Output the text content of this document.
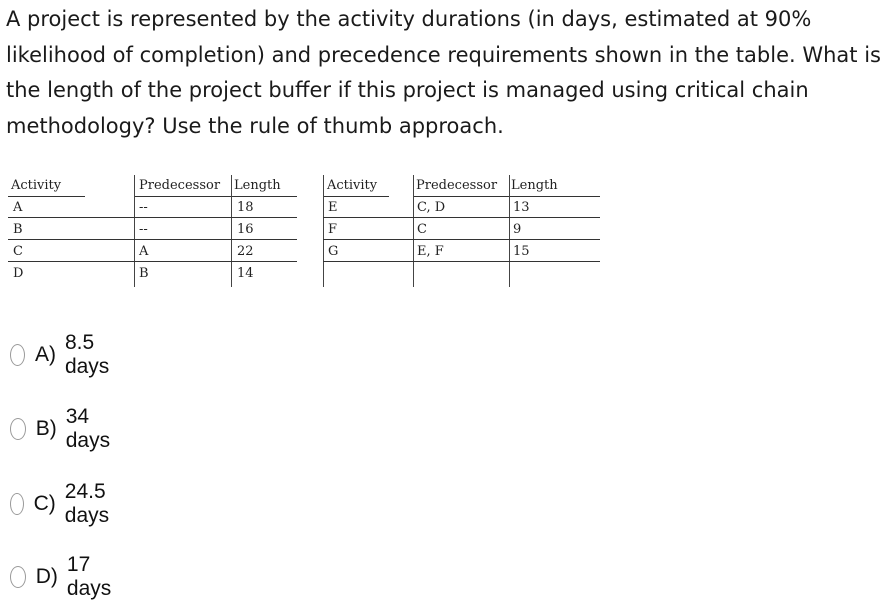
A project is represented by the activity durations (in days, estimated at 90% likelihood of completion) and precedence requirements shown in the table. What is the length of the project buffer if this project is managed using critical chain methodology? Use the rule of thumb approach.

Activity	Predecessor Length
A	--	18
B	--	16
C	A	22
D	B	14
Activity	Predecessor Length
E	C, D	13
F	C	9
G	E, F	15
A)
8.5 days
B)
34 days
C)
24.5 days
D)
17 days
